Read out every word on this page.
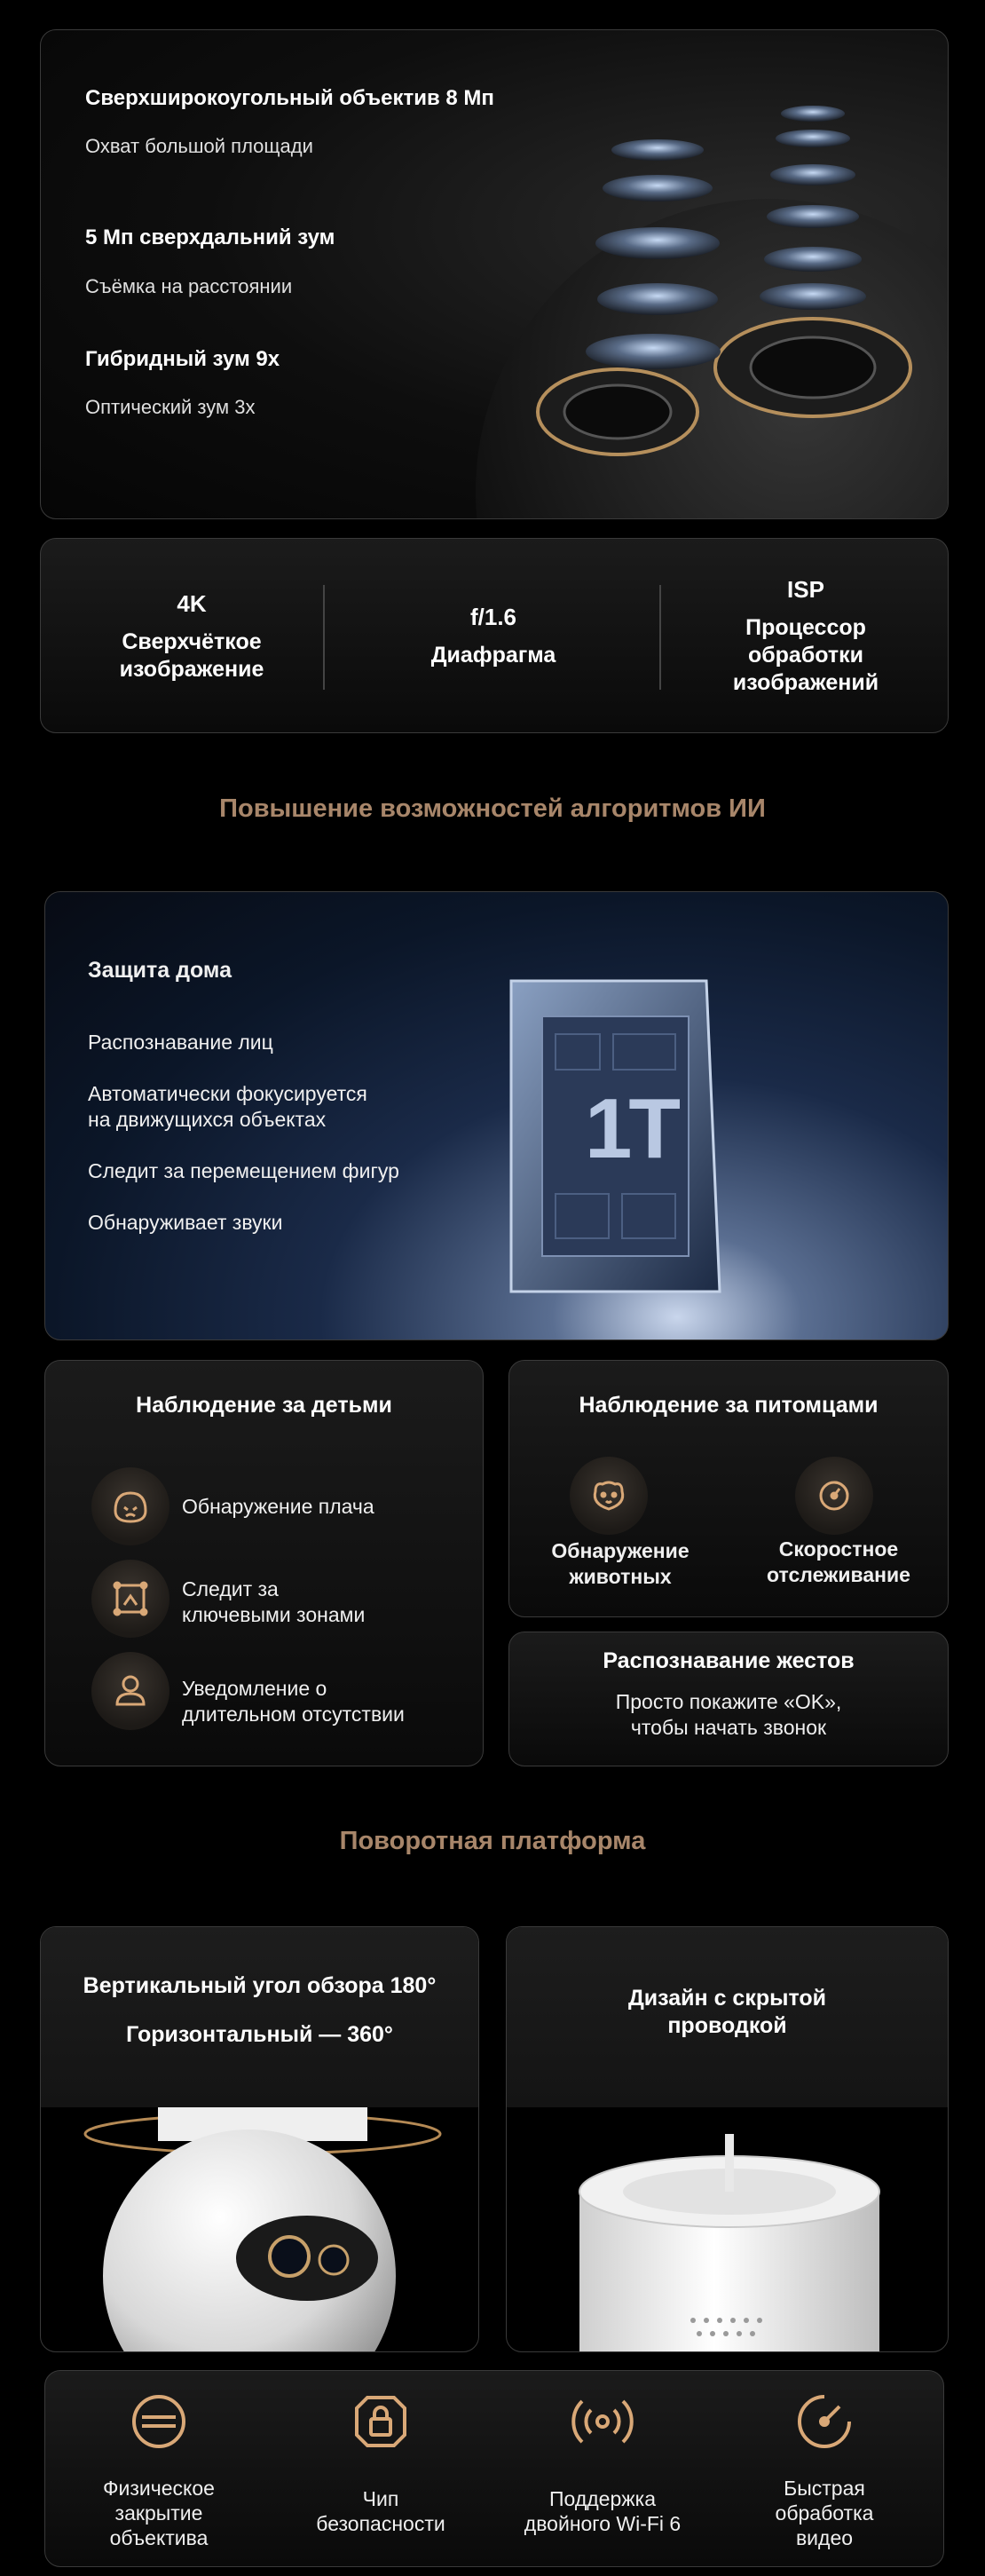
Сверхширокоугольный объектив 8 Мп
Охват большой площади
5 Мп сверхдальний зум
Съёмка на расстоянии
Гибридный зум 9x
Оптический зум 3x
4K
Сверхчёткое
изображение
f/1.6
Диафрагма
ISP
Процессор
обработки
изображений
Повышение возможностей алгоритмов ИИ
1T
Защита дома
Распознавание лиц
Автоматически фокусируется
на движущихся объектах
Следит за перемещением фигур
Обнаруживает звуки
Наблюдение за детьми
Обнаружение плача
Следит за
ключевыми зонами
Уведомление о
длительном отсутствии
Наблюдение за питомцами
Обнаружение
животных
Скоростное
отслеживание
Распознавание жестов
Просто покажите «OK»,
чтобы начать звонок
Поворотная платформа
Вертикальный угол обзора 180°
Горизонтальный — 360°
Дизайн с скрытой
проводкой
Физическое
закрытие
объектива
Чип
безопасности
Поддержка
двойного Wi-Fi 6
Быстрая
обработка
видео
